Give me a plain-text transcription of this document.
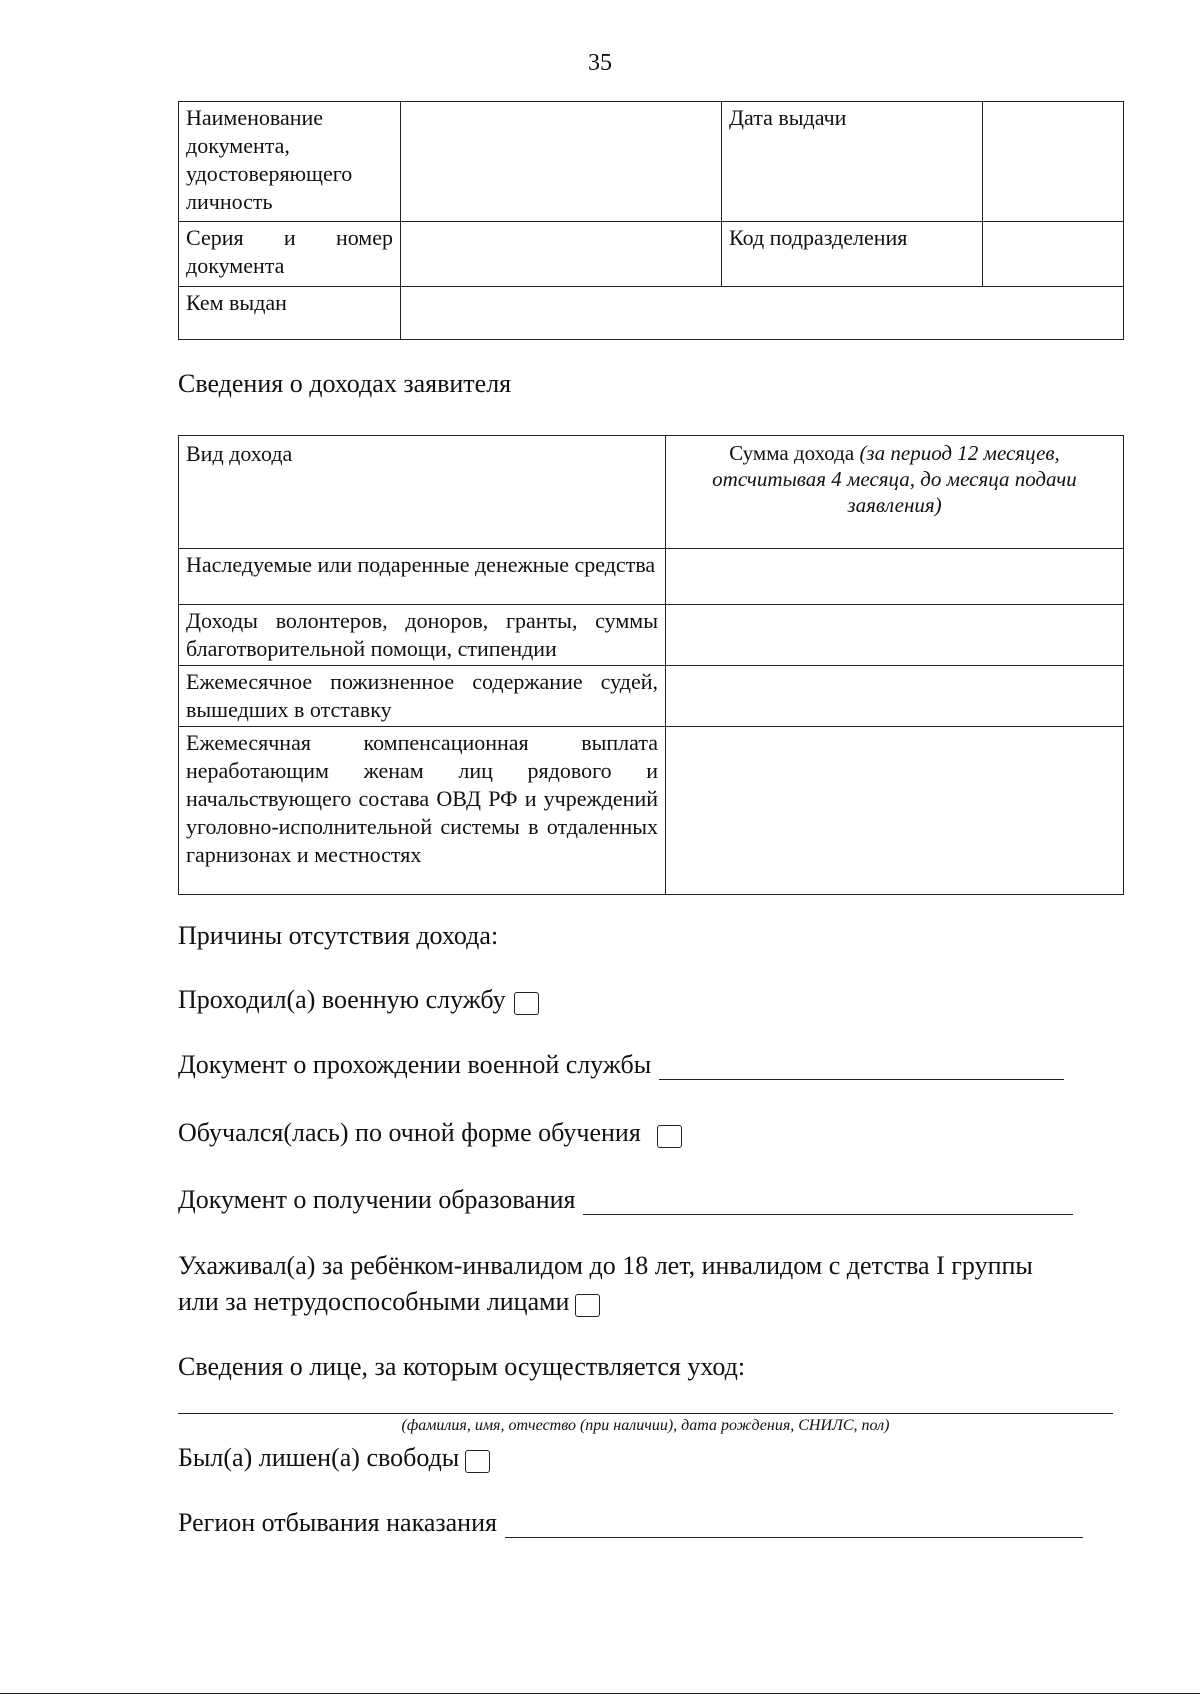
35
Наименование документа, удостоверяющего личность		Дата выдачи	

Серия и номер документа		Код подразделения	
Кем выдан			
Сведения о доходах заявителя
Вид дохода	Сумма дохода (за период 12 месяцев, отсчитывая 4 месяца, до месяца подачи заявления)
Наследуемые или подаренные денежные средства	
Доходы волонтеров, доноров, гранты, суммы благотворительной помощи, стипендии	
Ежемесячное пожизненное содержание судей, вышедших в отставку	
Ежемесячная компенсационная выплата неработающим женам лиц рядового и начальствующего состава ОВД РФ и учреждений уголовно-исполнительной системы в отдаленных гарнизонах и местностях	
Причины отсутствия дохода:
Проходил(а) военную службу
Документ о прохождении военной службы
Обучался(лась) по очной форме обучения
Документ о получении образования
Ухаживал(а) за ребёнком-инвалидом до 18 лет, инвалидом с детства I группы
или за нетрудоспособными лицами
Сведения о лице, за которым осуществляется уход:
(фамилия, имя, отчество (при наличии), дата рождения, СНИЛС, пол)
Был(а) лишен(а) свободы
Регион отбывания наказания
